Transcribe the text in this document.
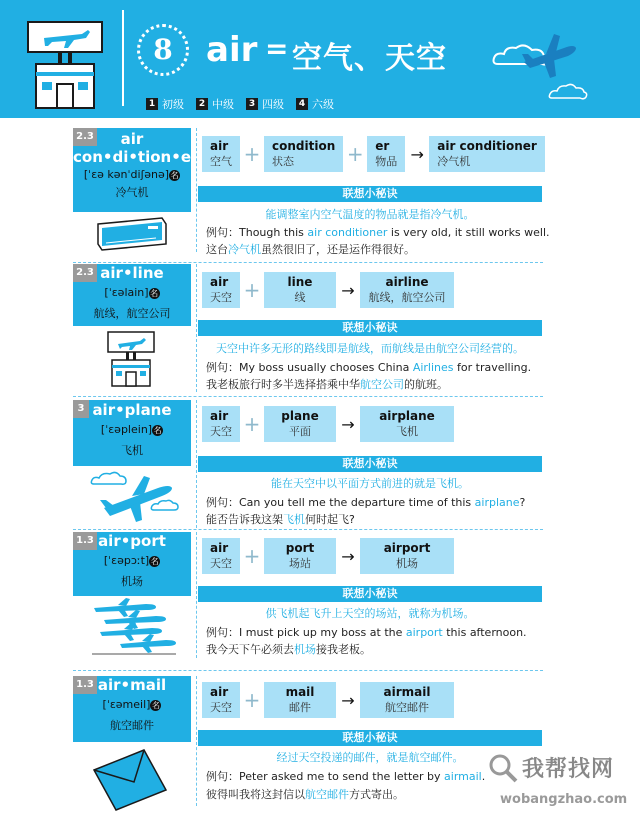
8 air = 空气、天空
1 初级	2 中级	3 四级	4 六级
2.3	air
con•di•tion•er
[ˈɛə kənˈdiʃənə] 名
冷气机
air
空气 + condition
状态	+ er
物品 →	air conditioner
冷气机
联想小秘诀
能调整室内空气温度的物品就是指冷气机。
例句：Though this air conditioner is very old, it still works well.
这台冷气机虽然很旧了，还是运作得很好。
2.3 air•line
[ˈɛəlain] 名
航线，航空公司
air
天空 +	line
线	→	airline
航线，航空公司
联想小秘诀
天空中许多无形的路线即是航线，而航线是由航空公司经营的。
例句：My boss usually chooses China Airlines for travelling.
我老板旅行时多半选择搭乘中华航空公司的航班。
3 air•plane
[ˈɛəplein] 名
飞机
air
天空 +	plane
平面	→	airplane
飞机
联想小秘诀
能在天空中以平面方式前进的就是飞机。
例句：Can you tell me the departure time of this airplane?
能否告诉我这架飞机何时起飞?
1.3 air•port
[ˈɛəpɔːt] 名
机场
air
天空 +	port
场站	→	airport
机场
联想小秘诀
供飞机起飞升上天空的场站，就称为机场。
例句：I must pick up my boss at the airport this afternoon.
我今天下午必须去机场接我老板。
1.3 air•mail
[ˈɛəmeil] 名
航空邮件
air
天空 +	mail
邮件	→	airmail
航空邮件
联想小秘诀
经过天空投递的邮件，就是航空邮件。
例句：Peter asked me to send the letter by airmail.
彼得叫我将这封信以航空邮件方式寄出。
我帮找网
wobangzhao.com
